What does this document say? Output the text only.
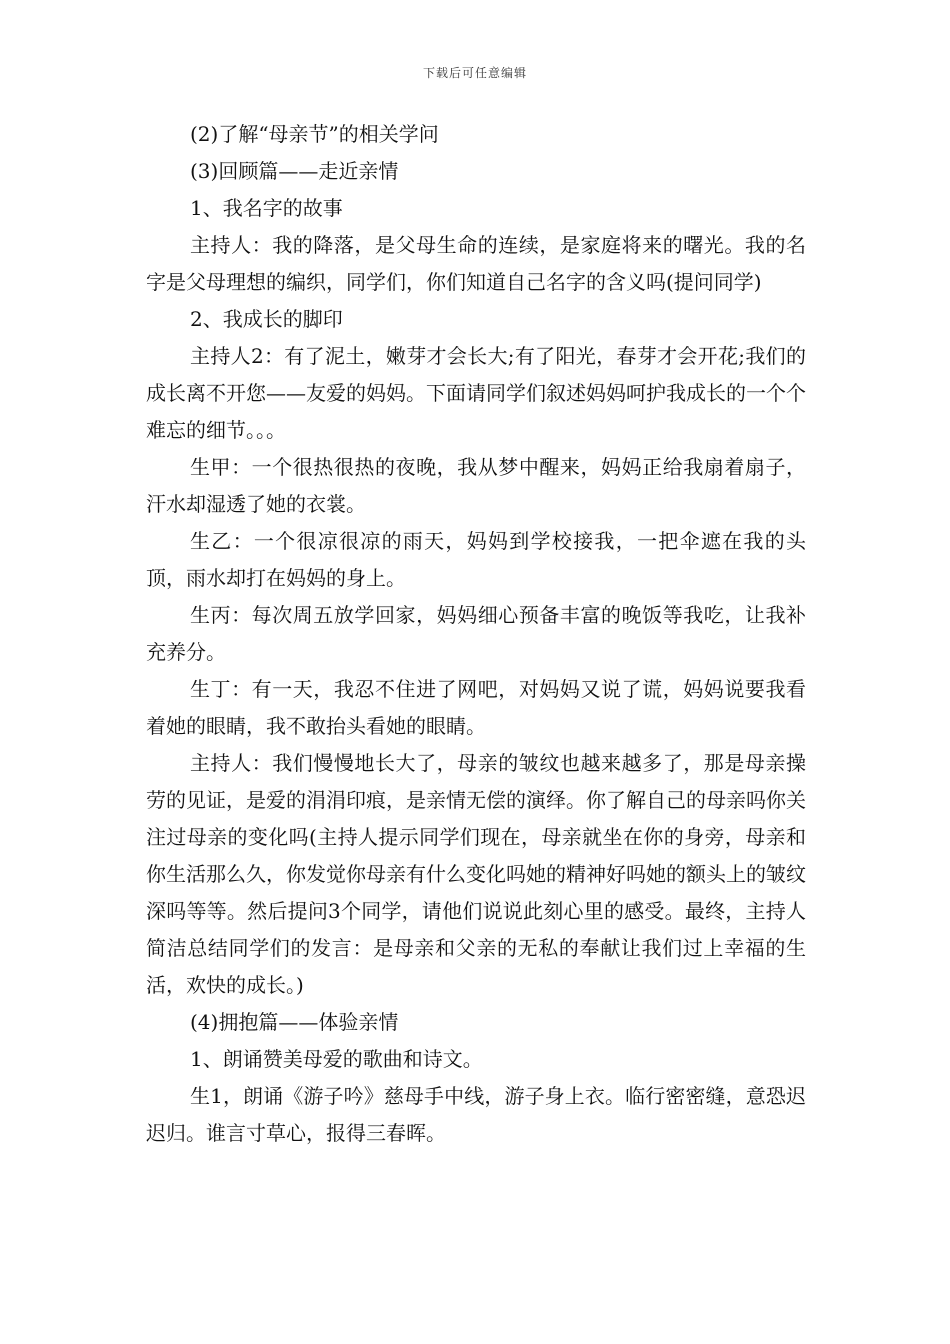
下载后可任意编辑

(2)了解“母亲节”的相关学问

(3)回顾篇——走近亲情

1、我名字的故事

主持人：我的降落，是父母生命的连续，是家庭将来的曙光。我的名字是父母理想的编织，同学们，你们知道自己名字的含义吗(提问同学)

2、我成长的脚印

主持人2：有了泥土，嫩芽才会长大;有了阳光，春芽才会开花;我们的成长离不开您——友爱的妈妈。下面请同学们叙述妈妈呵护我成长的一个个难忘的细节。。。

生甲：一个很热很热的夜晚，我从梦中醒来，妈妈正给我扇着扇子，汗水却湿透了她的衣裳。

生乙：一个很凉很凉的雨天，妈妈到学校接我，一把伞遮在我的头顶，雨水却打在妈妈的身上。

生丙：每次周五放学回家，妈妈细心预备丰富的晚饭等我吃，让我补充养分。

生丁：有一天，我忍不住进了网吧，对妈妈又说了谎，妈妈说要我看着她的眼睛，我不敢抬头看她的眼睛。

主持人：我们慢慢地长大了，母亲的皱纹也越来越多了，那是母亲操劳的见证，是爱的涓涓印痕，是亲情无偿的演绎。你了解自己的母亲吗你关注过母亲的变化吗(主持人提示同学们现在，母亲就坐在你的身旁，母亲和你生活那么久，你发觉你母亲有什么变化吗她的精神好吗她的额头上的皱纹深吗等等。然后提问3个同学，请他们说说此刻心里的感受。最终，主持人简洁总结同学们的发言：是母亲和父亲的无私的奉献让我们过上幸福的生活，欢快的成长。)

(4)拥抱篇——体验亲情

1、朗诵赞美母爱的歌曲和诗文。

生1，朗诵《游子吟》慈母手中线，游子身上衣。临行密密缝，意恐迟迟归。谁言寸草心，报得三春晖。
